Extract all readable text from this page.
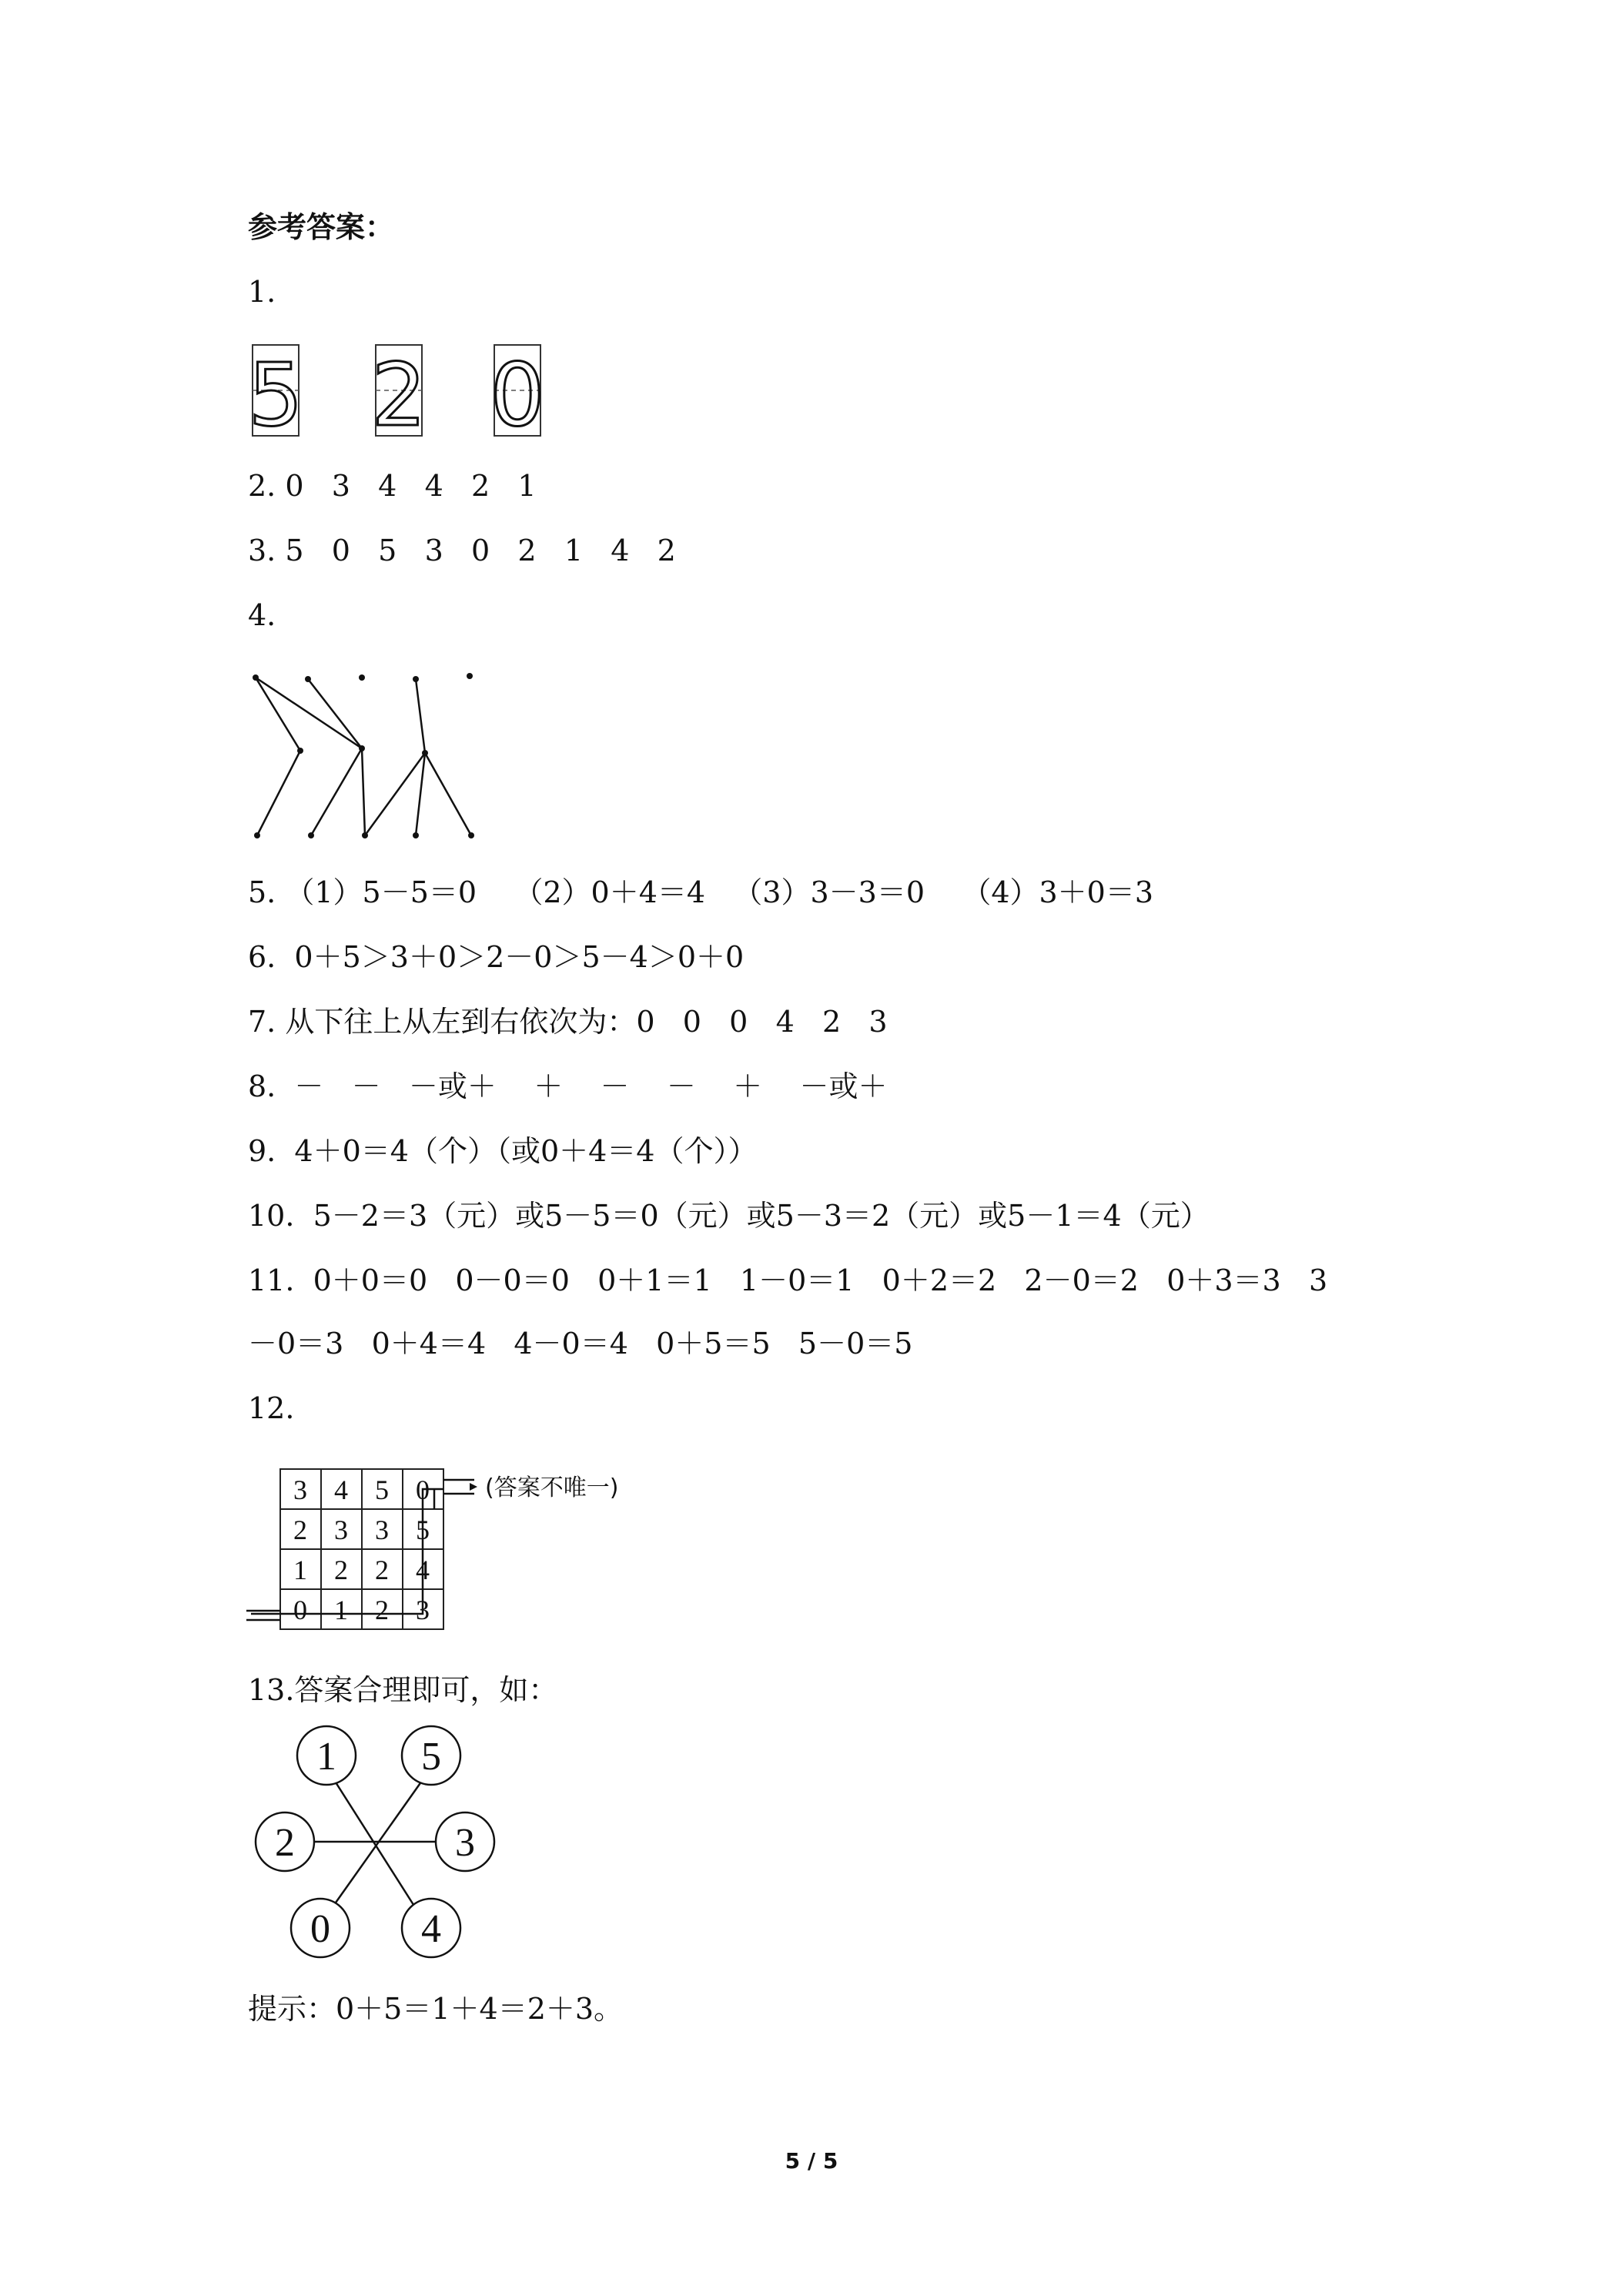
参考答案：
1.
5 2 0
2. 0   3   4   4   2   1
3. 5   0   5   3   0   2   1   4   2
4.
5. （1）5－5＝0    （2）0＋4＝4   （3）3－3＝0    （4）3＋0＝3
6.  0＋5＞3＋0＞2－0＞5－4＞0＋0
7. 从下往上从左到右依次为：0   0   0   4   2   3
8.  －   －   －或＋    ＋    －    －    ＋    －或＋
9.  4＋0＝4（个）（或0＋4＝4（个））
10.  5－2＝3（元）或5－5＝0（元）或5－3＝2（元）或5－1＝4（元）
11.  0＋0＝0   0－0＝0   0＋1＝1   1－0＝1   0＋2＝2   2－0＝2   0＋3＝3   3
－0＝3   0＋4＝4   4－0＝4   0＋5＝5   5－0＝5
12.
3 4 5 0
2 3 3 5
1 2 2 4
0 1 2 3
(答案不唯一)
13.答案合理即可，如：
1 5
2	3
0 4
提示：0＋5＝1＋4＝2＋3。
5 / 5
